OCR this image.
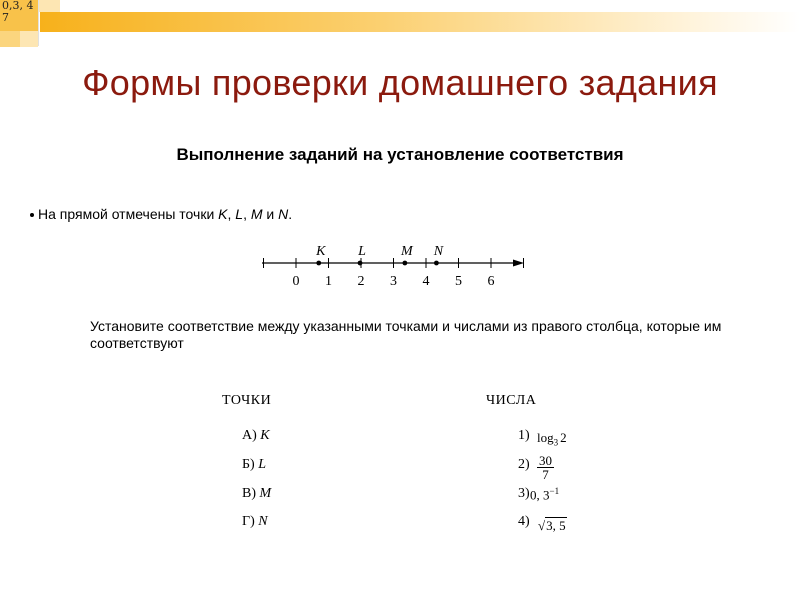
0,3, 4
7
Формы проверки домашнего задания
Выполнение заданий на установление соответствия
На прямой отмечены точки K, L, M и N.
0 1 2 3 4 5 6
K L	M N
Установите соответствие между указанными точками и числами из правого столбца, которые им соответствуют
ТОЧКИ	ЧИСЛА
А) K
Б) L
В) M
Г) N
1)
2)
3)
4)
$\log_3 2$
$\frac{30}{7}$
0, $3^{-1}$
√3, 5
